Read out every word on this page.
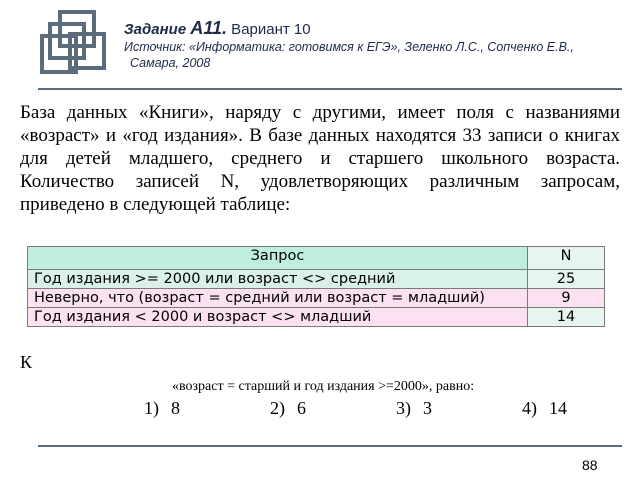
Задание А11. Вариант 10
Источник: «Информатика: готовимся к ЕГЭ», Зеленко Л.С., Сопченко Е.В.,
Самара, 2008
База данных «Книги», наряду с другими, имеет поля с названиями «возраст» и «год издания». В базе данных находятся 33 записи о книгах для детей младшего, среднего и старшего школьного возраста. Количество записей N, удовлетворяющих различным запросам, приведено в следующей таблице:
Запрос	N
Год издания >= 2000 или возраст <> средний	25
Неверно, что (возраст = средний или возраст = младший)	9
Год издания < 2000 и возраст <> младший	14
К
«возраст = старший и год издания >=2000», равно:
1) 8	2) 6	3) 3	4) 14
88
